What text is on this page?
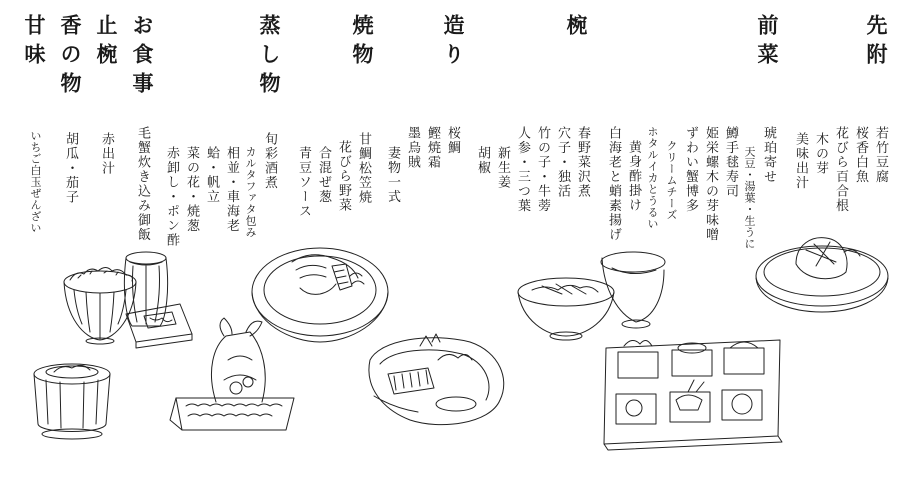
先附
前菜
椀
造り
焼物
蒸し物
お食事
止椀
香の物
甘味
若竹豆腐
桜香白魚
花びら百合根
木の芽
美味出汁
琥珀寄せ
天豆・湯葉・生うに
鱒手毬寿司
姫栄螺木の芽味噌
ずわい蟹博多
クリームチーズ
ホタルイカとうるい
黄身酢掛け
白海老と蛸素揚げ
春野菜沢煮
穴子・独活
竹の子・牛蒡
人参・三つ葉
新生姜
胡椒
桜鯛
鰹焼霜
墨烏賊
妻物一式
甘鯛松笠焼
花びら野菜
合混ぜ葱
青豆ソース
旬彩酒煮
カルタファタ包み
相並・車海老
蛤・帆立
菜の花・焼葱
赤卸し・ポン酢
毛蟹炊き込み御飯
赤出汁
胡瓜・茄子
いちご白玉ぜんざい
